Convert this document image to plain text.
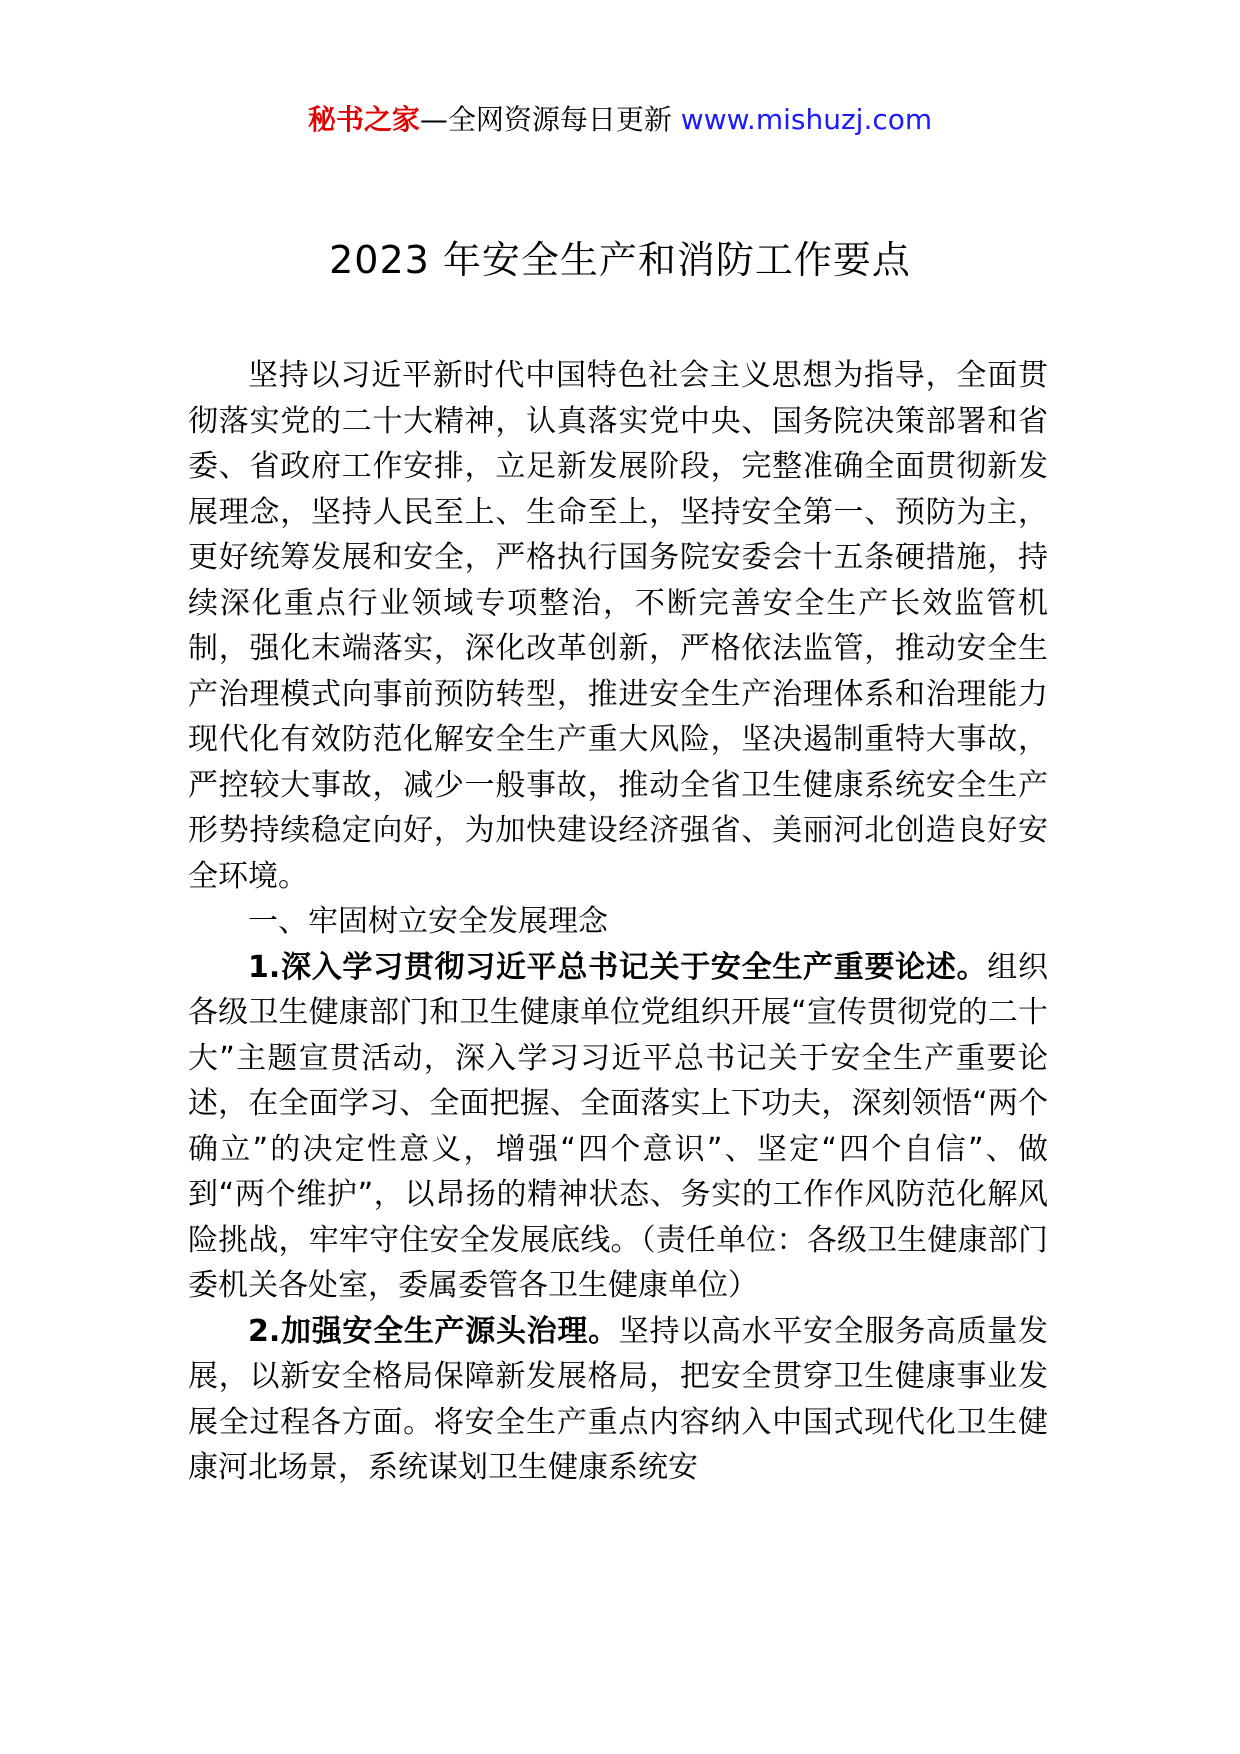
秘书之家—全网资源每日更新 www.mishuzj.com
2023 年安全生产和消防工作要点

坚持以习近平新时代中国特色社会主义思想为指导，全面贯彻落实党的二十大精神，认真落实党中央、国务院决策部署和省委、省政府工作安排，立足新发展阶段，完整准确全面贯彻新发展理念，坚持人民至上、生命至上，坚持安全第一、预防为主，更好统筹发展和安全，严格执行国务院安委会十五条硬措施，持续深化重点行业领域专项整治，不断完善安全生产长效监管机制，强化末端落实，深化改革创新，严格依法监管，推动安全生产治理模式向事前预防转型，推进安全生产治理体系和治理能力现代化有效防范化解安全生产重大风险，坚决遏制重特大事故，严控较大事故，减少一般事故，推动全省卫生健康系统安全生产形势持续稳定向好，为加快建设经济强省、美丽河北创造良好安全环境。

一、牢固树立安全发展理念

1.深入学习贯彻习近平总书记关于安全生产重要论述。组织各级卫生健康部门和卫生健康单位党组织开展“宣传贯彻党的二十大”主题宣贯活动，深入学习习近平总书记关于安全生产重要论述，在全面学习、全面把握、全面落实上下功夫，深刻领悟“两个确立”的决定性意义，增强“四个意识”、坚定“四个自信”、做到“两个维护”，以昂扬的精神状态、务实的工作作风防范化解风险挑战，牢牢守住安全发展底线。（责任单位：各级卫生健康部门委机关各处室，委属委管各卫生健康单位）

2.加强安全生产源头治理。坚持以高水平安全服务高质量发展，以新安全格局保障新发展格局，把安全贯穿卫生健康事业发展全过程各方面。将安全生产重点内容纳入中国式现代化卫生健康河北场景，系统谋划卫生健康系统安
